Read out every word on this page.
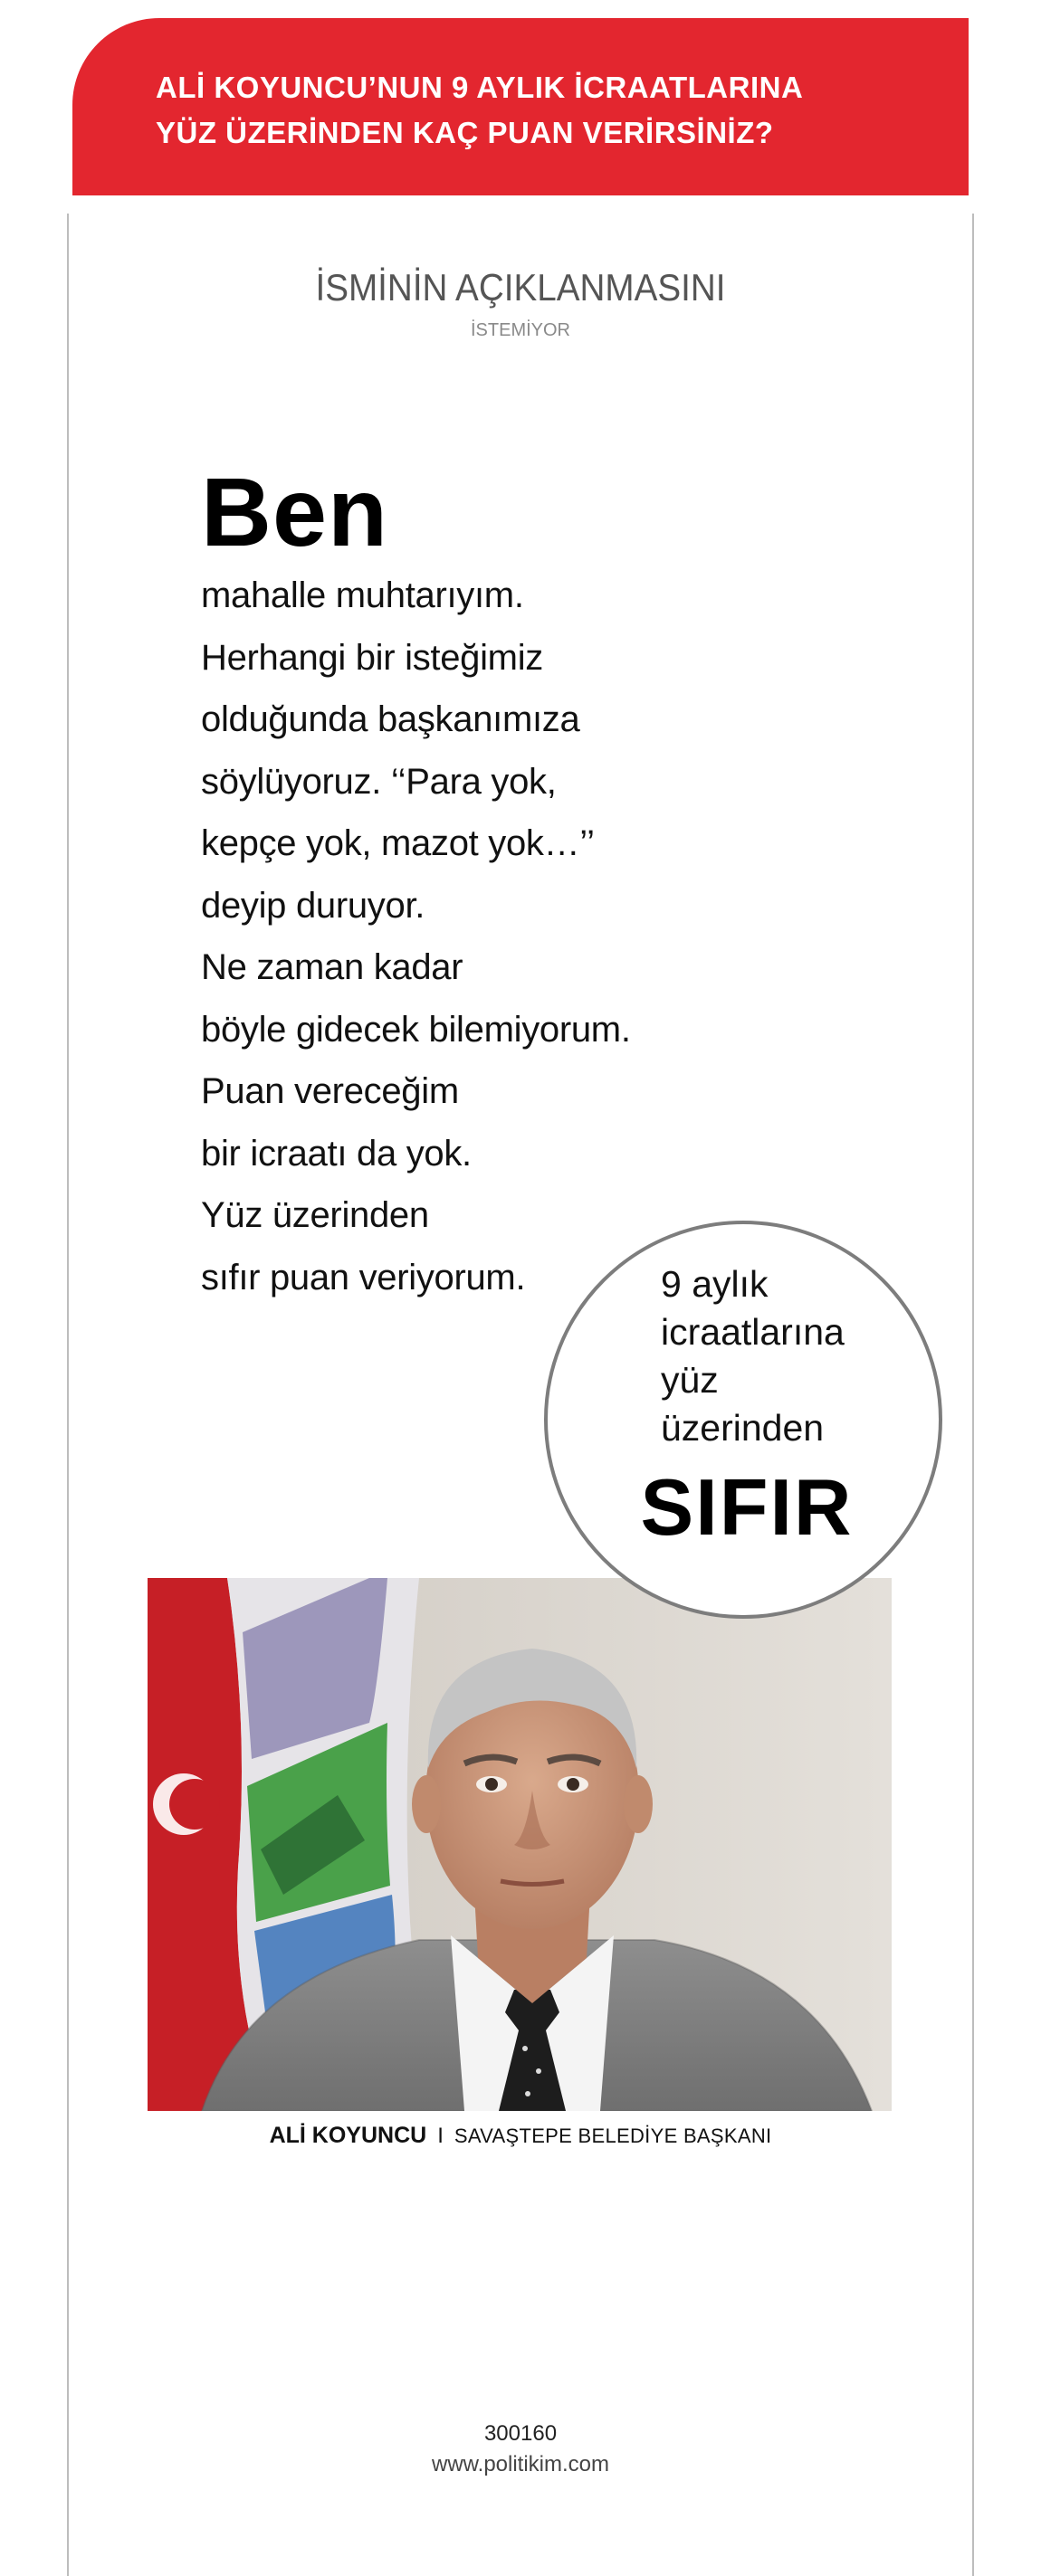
ALİ KOYUNCU’NUN 9 AYLIK İCRAATLARINA
YÜZ ÜZERİNDEN KAÇ PUAN VERİRSİNİZ?
İSMİNİN AÇIKLANMASINI
İSTEMİYOR
Ben
mahalle muhtarıyım.
Herhangi bir isteğimiz
olduğunda başkanımıza
söylüyoruz. ‘‘Para yok,
kepçe yok, mazot yok…’’
deyip duruyor.
Ne zaman kadar
böyle gidecek bilemiyorum.
Puan vereceğim
bir icraatı da yok.
Yüz üzerinden
sıfır puan veriyorum.	9 aylık
icraatlarına
yüz
üzerinden
SIFIR
ALİ KOYUNCU I SAVAŞTEPE BELEDİYE BAŞKANI
300160
www.politikim.com
